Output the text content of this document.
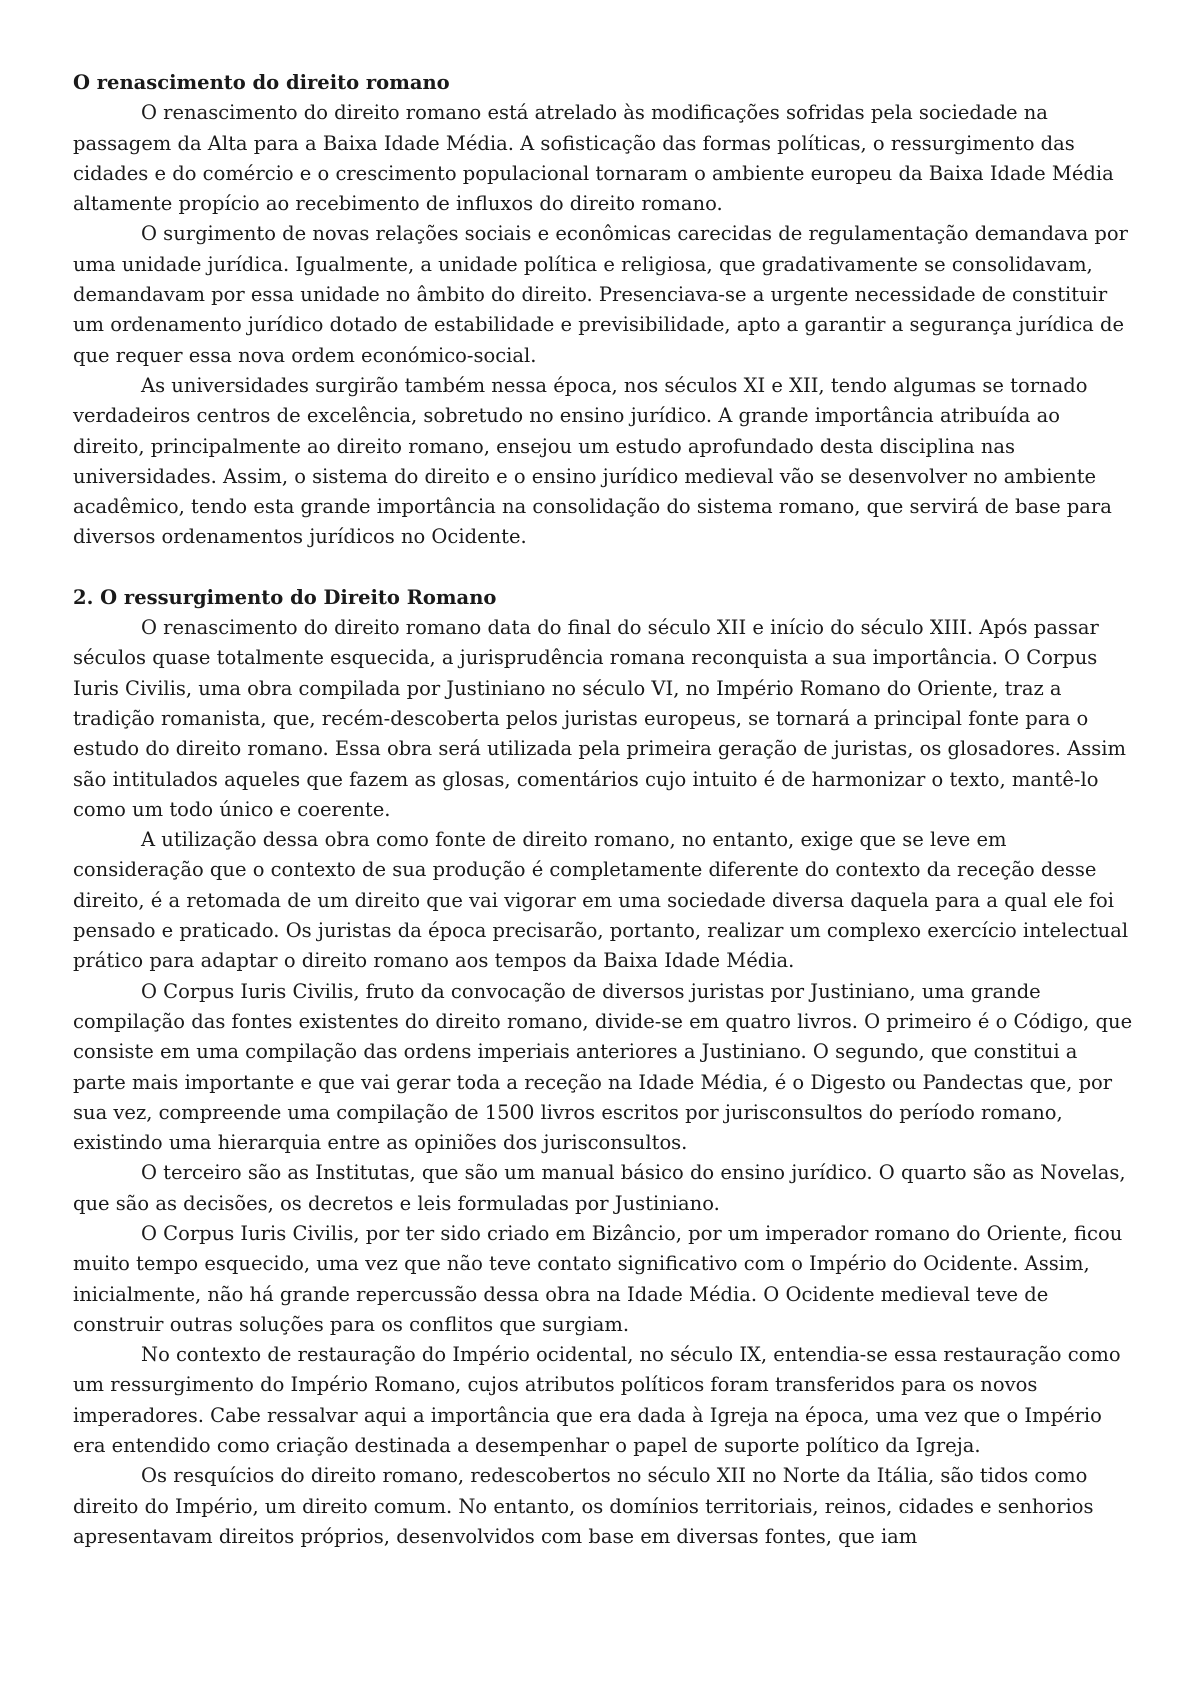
O renascimento do direito romano

O renascimento do direito romano está atrelado às modificações sofridas pela sociedade na passagem da Alta para a Baixa Idade Média. A sofisticação das formas políticas, o ressurgimento das cidades e do comércio e o crescimento populacional tornaram o ambiente europeu da Baixa Idade Média altamente propício ao recebimento de influxos do direito romano.

O surgimento de novas relações sociais e econômicas carecidas de regulamentação demandava por uma unidade jurídica. Igualmente, a unidade política e religiosa, que gradativamente se consolidavam, demandavam por essa unidade no âmbito do direito. Presenciava-se a urgente necessidade de constituir um ordenamento jurídico dotado de estabilidade e previsibilidade, apto a garantir a segurança jurídica de que requer essa nova ordem económico-social.

As universidades surgirão também nessa época, nos séculos XI e XII, tendo algumas se tornado verdadeiros centros de excelência, sobretudo no ensino jurídico. A grande importância atribuída ao direito, principalmente ao direito romano, ensejou um estudo aprofundado desta disciplina nas universidades. Assim, o sistema do direito e o ensino jurídico medieval vão se desenvolver no ambiente acadêmico, tendo esta grande importância na consolidação do sistema romano, que servirá de base para diversos ordenamentos jurídicos no Ocidente.

2. O ressurgimento do Direito Romano

O renascimento do direito romano data do final do século XII e início do século XIII. Após passar séculos quase totalmente esquecida, a jurisprudência romana reconquista a sua importância. O Corpus Iuris Civilis, uma obra compilada por Justiniano no século VI, no Império Romano do Oriente, traz a tradição romanista, que, recém-descoberta pelos juristas europeus, se tornará a principal fonte para o estudo do direito romano. Essa obra será utilizada pela primeira geração de juristas, os glosadores. Assim são intitulados aqueles que fazem as glosas, comentários cujo intuito é de harmonizar o texto, mantê-lo como um todo único e coerente.

A utilização dessa obra como fonte de direito romano, no entanto, exige que se leve em consideração que o contexto de sua produção é completamente diferente do contexto da receção desse direito, é a retomada de um direito que vai vigorar em uma sociedade diversa daquela para a qual ele foi pensado e praticado. Os juristas da época precisarão, portanto, realizar um complexo exercício intelectual prático para adaptar o direito romano aos tempos da Baixa Idade Média.

O Corpus Iuris Civilis, fruto da convocação de diversos juristas por Justiniano, uma grande compilação das fontes existentes do direito romano, divide-se em quatro livros. O primeiro é o Código, que consiste em uma compilação das ordens imperiais anteriores a Justiniano. O segundo, que constitui a parte mais importante e que vai gerar toda a receção na Idade Média, é o Digesto ou Pandectas que, por sua vez, compreende uma compilação de 1500 livros escritos por jurisconsultos do período romano, existindo uma hierarquia entre as opiniões dos jurisconsultos.

O terceiro são as Institutas, que são um manual básico do ensino jurídico. O quarto são as Novelas, que são as decisões, os decretos e leis formuladas por Justiniano.

O Corpus Iuris Civilis, por ter sido criado em Bizâncio, por um imperador romano do Oriente, ficou muito tempo esquecido, uma vez que não teve contato significativo com o Império do Ocidente. Assim, inicialmente, não há grande repercussão dessa obra na Idade Média. O Ocidente medieval teve de construir outras soluções para os conflitos que surgiam.

No contexto de restauração do Império ocidental, no século IX, entendia-se essa restauração como um ressurgimento do Império Romano, cujos atributos políticos foram transferidos para os novos imperadores. Cabe ressalvar aqui a importância que era dada à Igreja na época, uma vez que o Império era entendido como criação destinada a desempenhar o papel de suporte político da Igreja.

Os resquícios do direito romano, redescobertos no século XII no Norte da Itália, são tidos como direito do Império, um direito comum. No entanto, os domínios territoriais, reinos, cidades e senhorios apresentavam direitos próprios, desenvolvidos com base em diversas fontes, que iam
